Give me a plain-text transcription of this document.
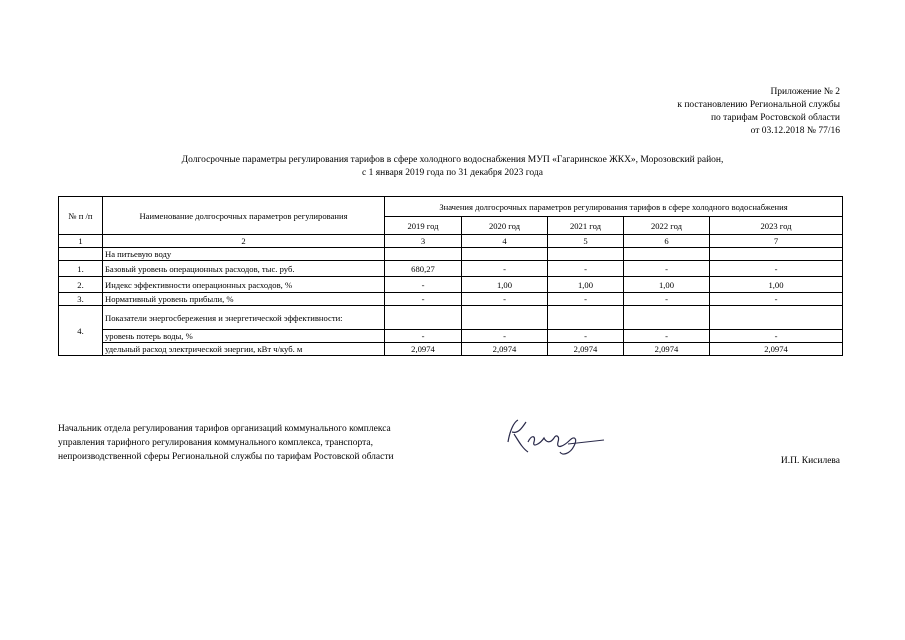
Приложение № 2
к постановлению Региональной службы
по тарифам Ростовской области
от 03.12.2018 № 77/16
Долгосрочные параметры регулирования тарифов в сфере холодного водоснабжения МУП «Гагаринское ЖКХ», Морозовский район,
с 1 января 2019 года по 31 декабря 2023 года
№ п /п	Наименование долгосрочных параметров регулирования	Значения долгосрочных параметров регулирования тарифов в сфере холодного водоснабжения				
		2019 год	2020 год	2021 год	2022 год	2023 год
1	2	3	4	5	6	7
	На питьевую воду					
1.	Базовый уровень операционных расходов, тыс. руб.	680,27	-	-	-	-
2.	Индекс эффективности операционных расходов, %	-	1,00	1,00	1,00	1,00
3.	Нормативный уровень прибыли, %	-	-	-	-	-
4.	Показатели энергосбережения и энергетической эффективности:					
	уровень потерь воды, %	-	-	-	-	-
	удельный расход электрической энергии, кВт ч/куб. м	2,0974	2,0974	2,0974	2,0974	2,0974
Начальник отдела регулирования тарифов организаций коммунального комплекса
управления тарифного регулирования коммунального комплекса, транспорта,
непроизводственной сферы Региональной службы по тарифам Ростовской области	И.П. Кисилева
